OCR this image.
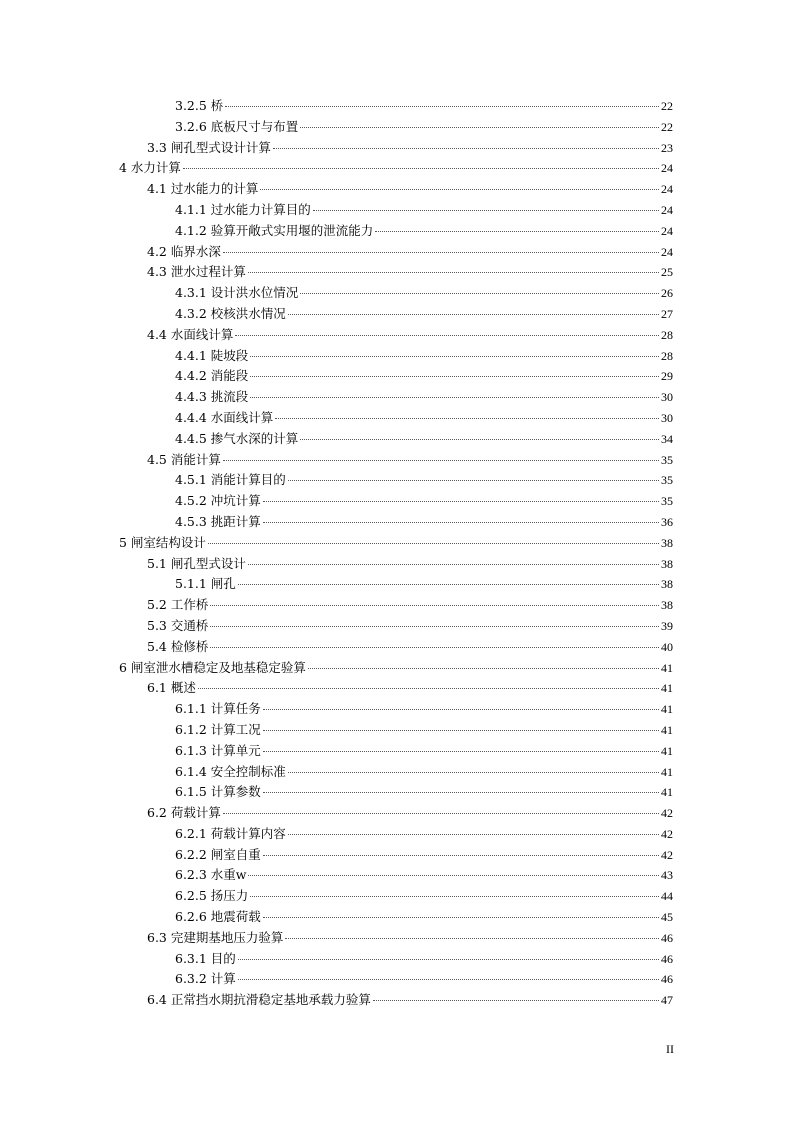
3.2.5 桥	22
3.2.6 底板尺寸与布置	22
3.3 闸孔型式设计计算	23
4 水力计算	24
4.1 过水能力的计算	24
4.1.1 过水能力计算目的	24
4.1.2 验算开敞式实用堰的泄流能力	24
4.2 临界水深	24
4.3 泄水过程计算	25
4.3.1 设计洪水位情况	26
4.3.2 校核洪水情况	27
4.4 水面线计算	28
4.4.1 陡坡段	28
4.4.2 消能段	29
4.4.3 挑流段	30
4.4.4 水面线计算	30
4.4.5 掺气水深的计算	34
4.5 消能计算	35
4.5.1 消能计算目的	35
4.5.2 冲坑计算	35
4.5.3 挑距计算	36
5 闸室结构设计	38
5.1 闸孔型式设计	38
5.1.1 闸孔	38
5.2 工作桥	38
5.3 交通桥	39
5.4 检修桥	40
6 闸室泄水槽稳定及地基稳定验算	41
6.1 概述	41
6.1.1 计算任务	41
6.1.2 计算工况	41
6.1.3 计算单元	41
6.1.4 安全控制标准	41
6.1.5 计算参数	41
6.2 荷载计算	42
6.2.1 荷载计算内容	42
6.2.2 闸室自重	42
6.2.3 水重w	43
6.2.5 扬压力	44
6.2.6 地震荷载	45
6.3 完建期基地压力验算	46
6.3.1 目的	46
6.3.2 计算	46
6.4 正常挡水期抗滑稳定基地承载力验算	47
II
